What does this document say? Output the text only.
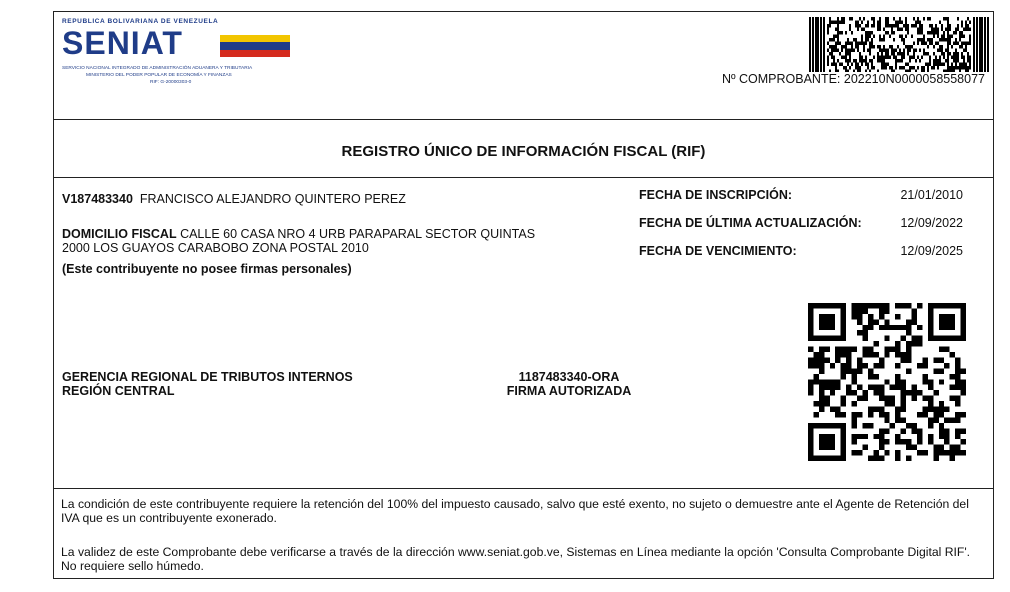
REPUBLICA BOLIVARIANA DE VENEZUELA
SENIAT
SERVICIO NACIONAL INTEGRADO DE ADMINISTRACIÓN ADUANERA Y TRIBUTARIA
MINISTERIO DEL PODER POPULAR DE ECONOMÍA Y FINANZAS
RIF: G-20000303-0	Nº COMPROBANTE: 202210N0000058558077
REGISTRO ÚNICO DE INFORMACIÓN FISCAL (RIF)
V187483340 FRANCISCO ALEJANDRO QUINTERO PEREZ
DOMICILIO FISCAL CALLE 60 CASA NRO 4 URB PARAPARAL SECTOR QUINTAS
2000 LOS GUAYOS CARABOBO ZONA POSTAL 2010
(Este contribuyente no posee firmas personales)
FECHA DE INSCRIPCIÓN:	21/01/2010
FECHA DE ÚLTIMA ACTUALIZACIÓN:	12/09/2022
FECHA DE VENCIMIENTO:	12/09/2025
GERENCIA REGIONAL DE TRIBUTOS INTERNOS
REGIÓN CENTRAL
1187483340-ORA
FIRMA AUTORIZADA
La condición de este contribuyente requiere la retención del 100% del impuesto causado, salvo que esté exento, no sujeto o demuestre ante el Agente de Retención del IVA que es un contribuyente exonerado.
La validez de este Comprobante debe verificarse a través de la dirección www.seniat.gob.ve, Sistemas en Línea mediante la opción 'Consulta Comprobante Digital RIF'. No requiere sello húmedo.
